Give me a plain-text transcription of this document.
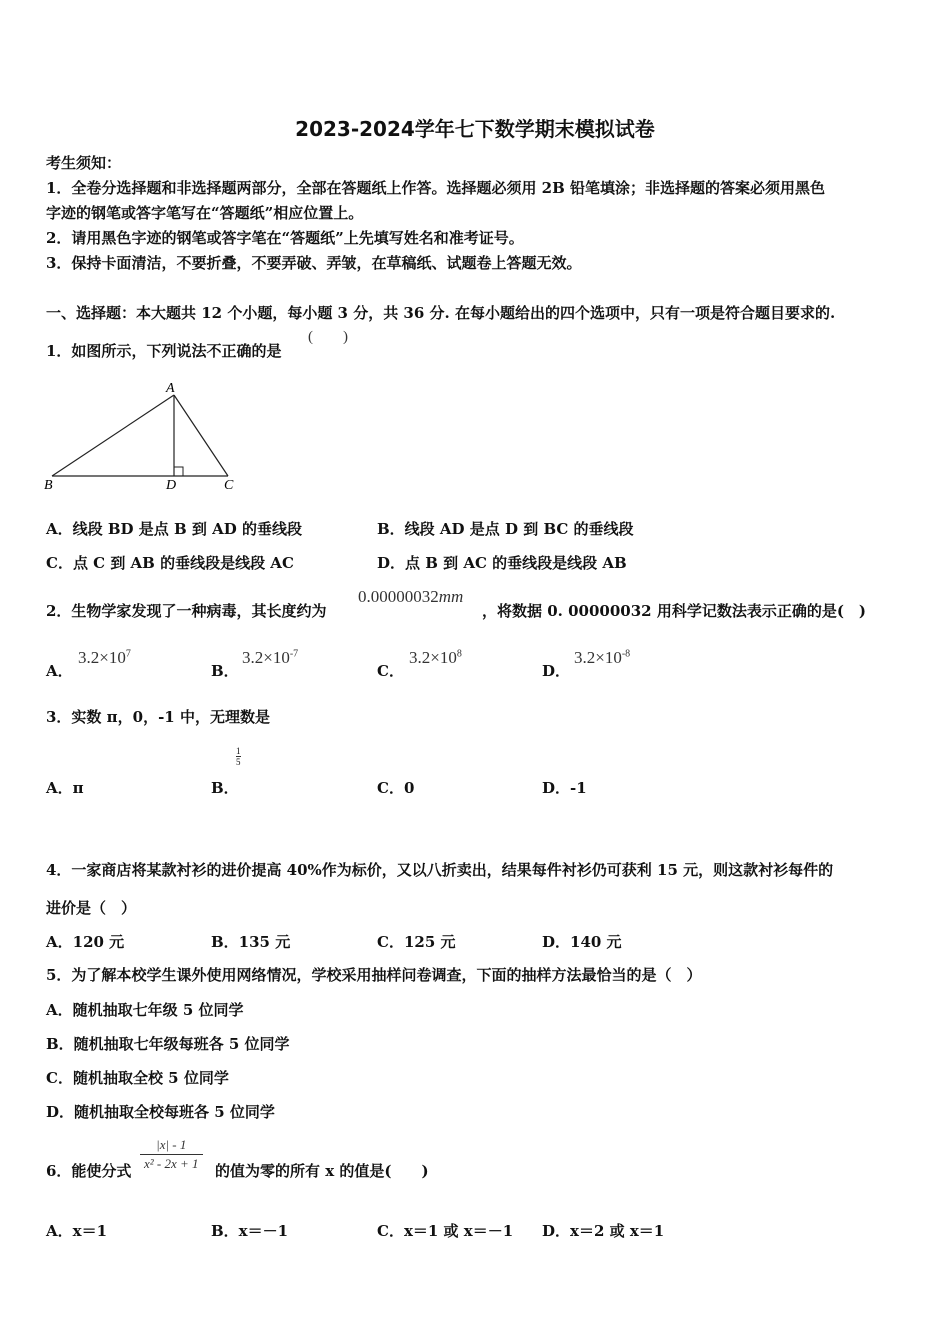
2023-2024学年七下数学期末模拟试卷
考生须知：
1．全卷分选择题和非选择题两部分，全部在答题纸上作答。选择题必须用 2B 铅笔填涂；非选择题的答案必须用黑色
字迹的钢笔或答字笔写在“答题纸”相应位置上。
2．请用黑色字迹的钢笔或答字笔在“答题纸”上先填写姓名和准考证号。
3．保持卡面清洁，不要折叠，不要弄破、弄皱，在草稿纸、试题卷上答题无效。
一、选择题：本大题共 12 个小题，每小题 3 分，共 36 分. 在每小题给出的四个选项中，只有一项是符合题目要求的.
1．如图所示，下列说法不正确的是
(　　)
A
B	D	C
A．线段 BD 是点 B 到 AD 的垂线段	B．线段 AD 是点 D 到 BC 的垂线段
C．点 C 到 AB 的垂线段是线段 AC	D．点 B 到 AC 的垂线段是线段 AB
2．生物学家发现了一种病毒，其长度约为
0.00000032mm
，将数据 0. 00000032 用科学记数法表示正确的是(　)
A．
$3.2\times 10^7$
B．
$3.2\times 10^{-7}$
C．
$3.2\times 10^8$
D．
$3.2\times 10^{-8}$
3．实数 π，0，-1 中，无理数是
A．π	B．
1
5
C．0	D．-1
4．一家商店将某款衬衫的进价提高 40%作为标价，又以八折卖出，结果每件衬衫仍可获利 15 元，则这款衬衫每件的
进价是（　）
A．120 元	B．135 元	C．125 元	D．140 元
5．为了解本校学生课外使用网络情况，学校采用抽样问卷调查，下面的抽样方法最恰当的是（　）
A．随机抽取七年级 5 位同学
B．随机抽取七年级每班各 5 位同学
C．随机抽取全校 5 位同学
D．随机抽取全校每班各 5 位同学
6．能使分式 $\frac{|x| - 1}{\text{x² - 2x + 1}}$ 的值为零的所有 x 的值是(　　)
A．x＝1	B．x＝－1	C．x＝1 或 x＝－1 D．x＝2 或 x＝1
